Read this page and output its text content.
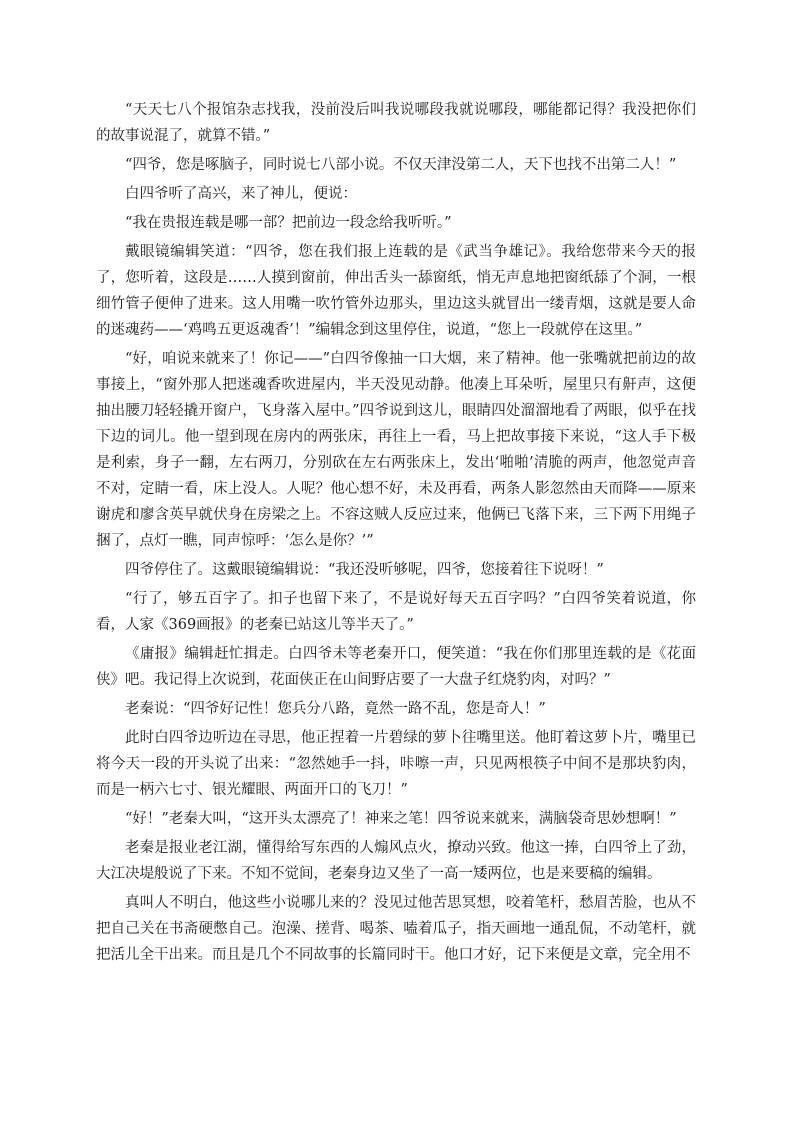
“天天七八个报馆杂志找我，没前没后叫我说哪段我就说哪段，哪能都记得？我没把你们的故事说混了，就算不错。”

“四爷，您是啄脑子，同时说七八部小说。不仅天津没第二人，天下也找不出第二人！”

白四爷听了高兴，来了神儿，便说：

“我在贵报连载是哪一部？把前边一段念给我听听。”

戴眼镜编辑笑道：“四爷，您在我们报上连载的是《武当争雄记》。我给您带来今天的报了，您听着，这段是……人摸到窗前，伸出舌头一舔窗纸，悄无声息地把窗纸舔了个洞，一根细竹管子便伸了进来。这人用嘴一吹竹管外边那头，里边这头就冒出一缕青烟，这就是要人命的迷魂药——‘鸡鸣五更返魂香’！”编辑念到这里停住，说道，“您上一段就停在这里。”

“好，咱说来就来了！你记——”白四爷像抽一口大烟，来了精神。他一张嘴就把前边的故事接上，“窗外那人把迷魂香吹进屋内，半天没见动静。他凑上耳朵听，屋里只有鼾声，这便抽出腰刀轻轻撬开窗户，飞身落入屋中。”四爷说到这儿，眼睛四处溜溜地看了两眼，似乎在找下边的词儿。他一望到现在房内的两张床，再往上一看，马上把故事接下来说，“这人手下极是利索，身子一翻，左右两刀，分别砍在左右两张床上，发出‘啪啪’清脆的两声，他忽觉声音不对，定睛一看，床上没人。人呢？他心想不好，未及再看，两条人影忽然由天而降——原来谢虎和廖含英早就伏身在房梁之上。不容这贼人反应过来，他俩已飞落下来，三下两下用绳子捆了，点灯一瞧，同声惊呼：‘怎么是你？’”

四爷停住了。这戴眼镜编辑说：“我还没听够呢，四爷，您接着往下说呀！”

“行了，够五百字了。扣子也留下来了，不是说好每天五百字吗？”白四爷笑着说道，你看，人家《369画报》的老秦已站这儿等半天了。”

《庸报》编辑赶忙揖走。白四爷未等老秦开口，便笑道：“我在你们那里连载的是《花面侠》吧。我记得上次说到，花面侠正在山间野店要了一大盘子红烧豹肉，对吗？”

老秦说：“四爷好记性！您兵分八路，竟然一路不乱，您是奇人！”

此时白四爷边听边在寻思，他正捏着一片碧绿的萝卜往嘴里送。他盯着这萝卜片，嘴里已将今天一段的开头说了出来：“忽然她手一抖，咔嚓一声，只见两根筷子中间不是那块豹肉，而是一柄六七寸、银光耀眼、两面开口的飞刀！”

“好！”老秦大叫，“这开头太漂亮了！神来之笔！四爷说来就来，满脑袋奇思妙想啊！”

老秦是报业老江湖，懂得给写东西的人煽风点火，撩动兴致。他这一捧，白四爷上了劲，大江决堤般说了下来。不知不觉间，老秦身边又坐了一高一矮两位，也是来要稿的编辑。

真叫人不明白，他这些小说哪儿来的？没见过他苦思冥想，咬着笔杆，愁眉苦脸，也从不把自己关在书斋硬憋自己。泡澡、搓背、喝茶、嗑着瓜子，指天画地一通乱侃，不动笔杆，就把活儿全干出来。而且是几个不同故事的长篇同时干。他口才好，记下来便是文章，完全用不
